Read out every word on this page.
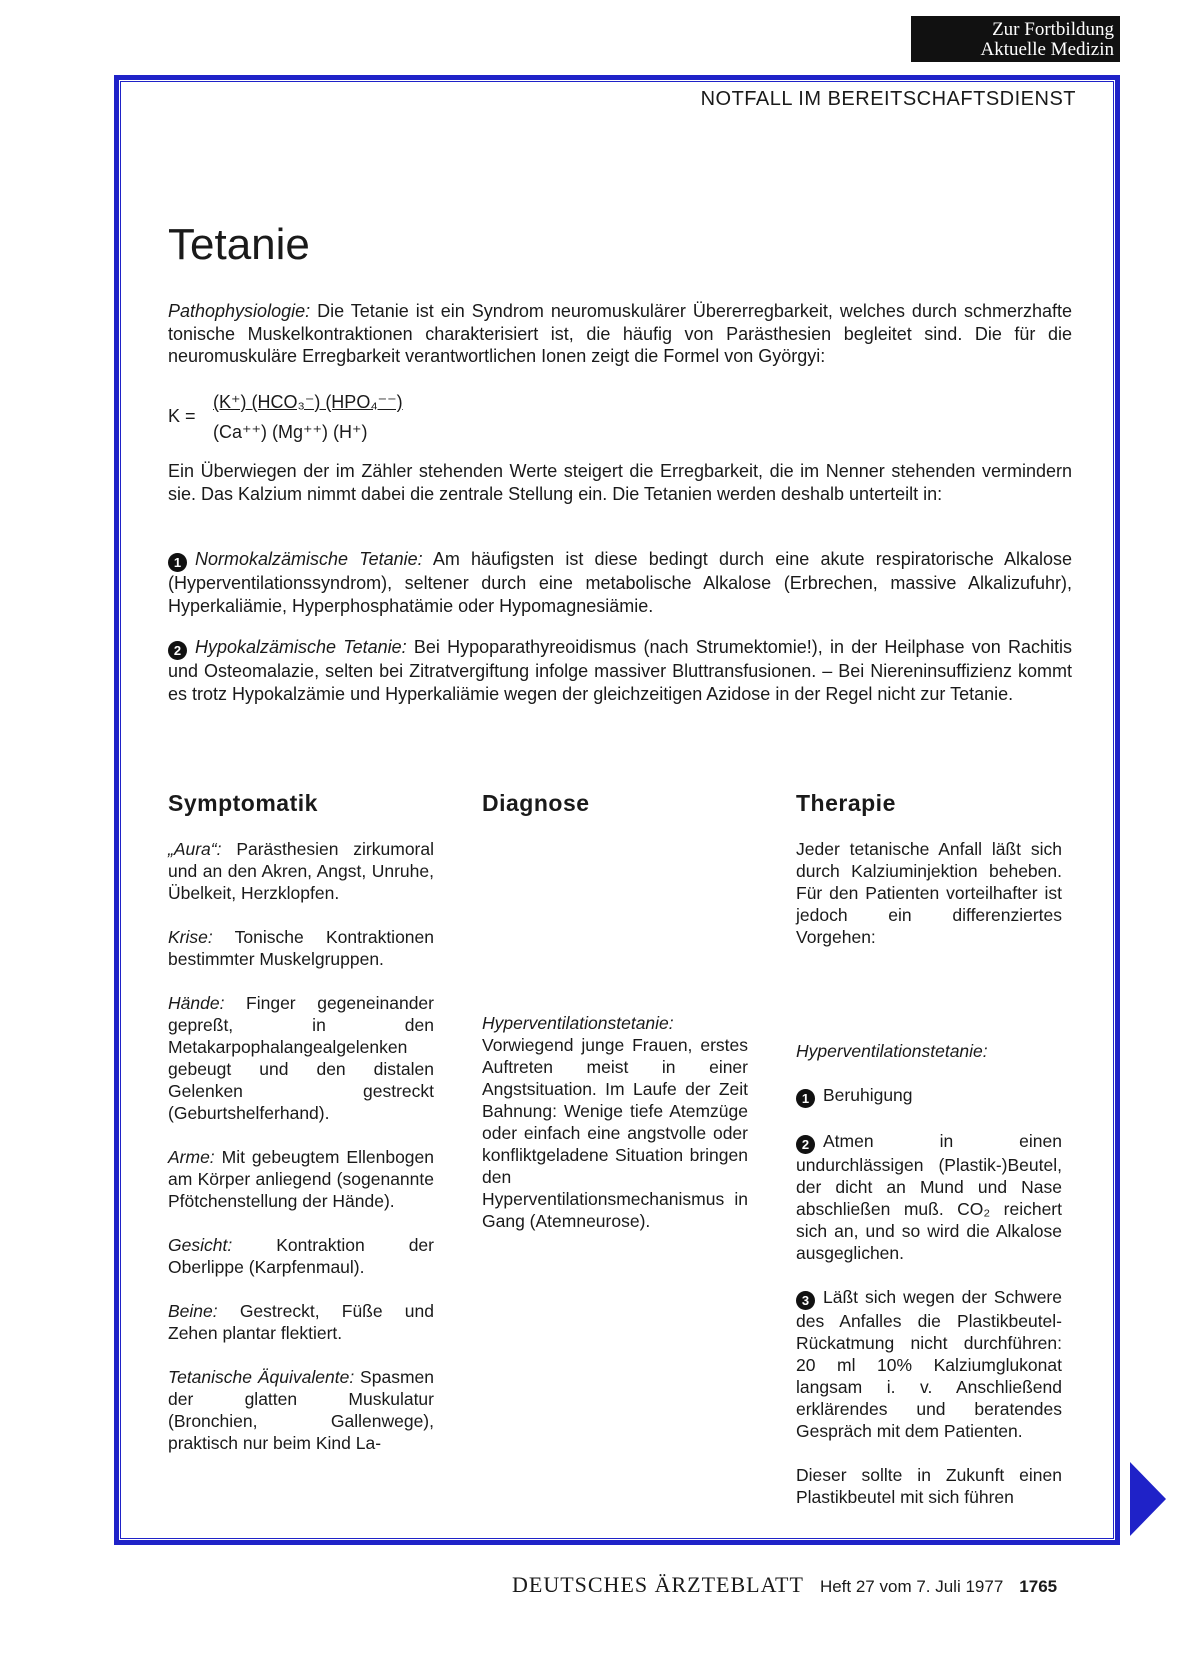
Zur Fortbildung
Aktuelle Medizin
NOTFALL IM BEREITSCHAFTSDIENST
Tetanie
Pathophysiologie: Die Tetanie ist ein Syndrom neuromuskulärer Übererregbarkeit, welches durch schmerzhafte tonische Muskelkontraktionen charakterisiert ist, die häufig von Parästhesien begleitet sind. Die für die neuromuskuläre Erregbarkeit verantwortlichen Ionen zeigt die Formel von Györgyi:
K =
(K⁺) (HCO₃⁻) (HPO₄⁻⁻)
(Ca⁺⁺) (Mg⁺⁺) (H⁺)
Ein Überwiegen der im Zähler stehenden Werte steigert die Erregbarkeit, die im Nenner stehenden vermindern sie. Das Kalzium nimmt dabei die zentrale Stellung ein. Die Tetanien werden deshalb unterteilt in:
1 Normokalzämische Tetanie: Am häufigsten ist diese bedingt durch eine akute respiratorische Alkalose (Hyperventilationssyndrom), seltener durch eine metabolische Alkalose (Erbrechen, massive Alkalizufuhr), Hyperkaliämie, Hyperphosphatämie oder Hypomagnesiämie.
2 Hypokalzämische Tetanie: Bei Hypoparathyreoidismus (nach Strumektomie!), in der Heilphase von Rachitis und Osteomalazie, selten bei Zitratvergiftung infolge massiver Bluttransfusionen. – Bei Niereninsuffizienz kommt es trotz Hypokalzämie und Hyperkaliämie wegen der gleichzeitigen Azidose in der Regel nicht zur Tetanie.
Symptomatik	Diagnose	Therapie

„Aura“: Parästhesien zirkumoral und an den Akren, Angst, Unruhe, Übelkeit, Herzklopfen.

Krise: Tonische Kontraktionen bestimmter Muskelgruppen.

Hände: Finger gegeneinander gepreßt, in den Metakarpophalangealgelenken gebeugt und den distalen Gelenken gestreckt (Geburtshelferhand).

Arme: Mit gebeugtem Ellenbogen am Körper anliegend (sogenannte Pfötchenstellung der Hände).

Gesicht: Kontraktion der Oberlippe (Karpfenmaul).

Beine: Gestreckt, Füße und Zehen plantar flektiert.

Tetanische Äquivalente: Spasmen der glatten Muskulatur (Bronchien, Gallenwege), praktisch nur beim Kind La-

Hyperventilationstetanie: Vorwiegend junge Frauen, erstes Auftreten meist in einer Angstsituation. Im Laufe der Zeit Bahnung: Wenige tiefe Atemzüge oder einfach eine angstvolle oder konfliktgeladene Situation bringen den Hyperventilationsmechanismus in Gang (Atemneurose).

Jeder tetanische Anfall läßt sich durch Kalziuminjektion beheben. Für den Patienten vorteilhafter ist jedoch ein differenziertes Vorgehen:

Hyperventilationstetanie:

1 Beruhigung

2 Atmen in einen undurchlässigen (Plastik-)Beutel, der dicht an Mund und Nase abschließen muß. CO₂ reichert sich an, und so wird die Alkalose ausgeglichen.

3 Läßt sich wegen der Schwere des Anfalles die Plastikbeutel-Rückatmung nicht durchführen: 20 ml 10% Kalziumglukonat langsam i. v. Anschließend erklärendes und beratendes Gespräch mit dem Patienten.

Dieser sollte in Zukunft einen Plastikbeutel mit sich führen

DEUTSCHES ÄRZTEBLATT Heft 27 vom 7. Juli 1977 1765
